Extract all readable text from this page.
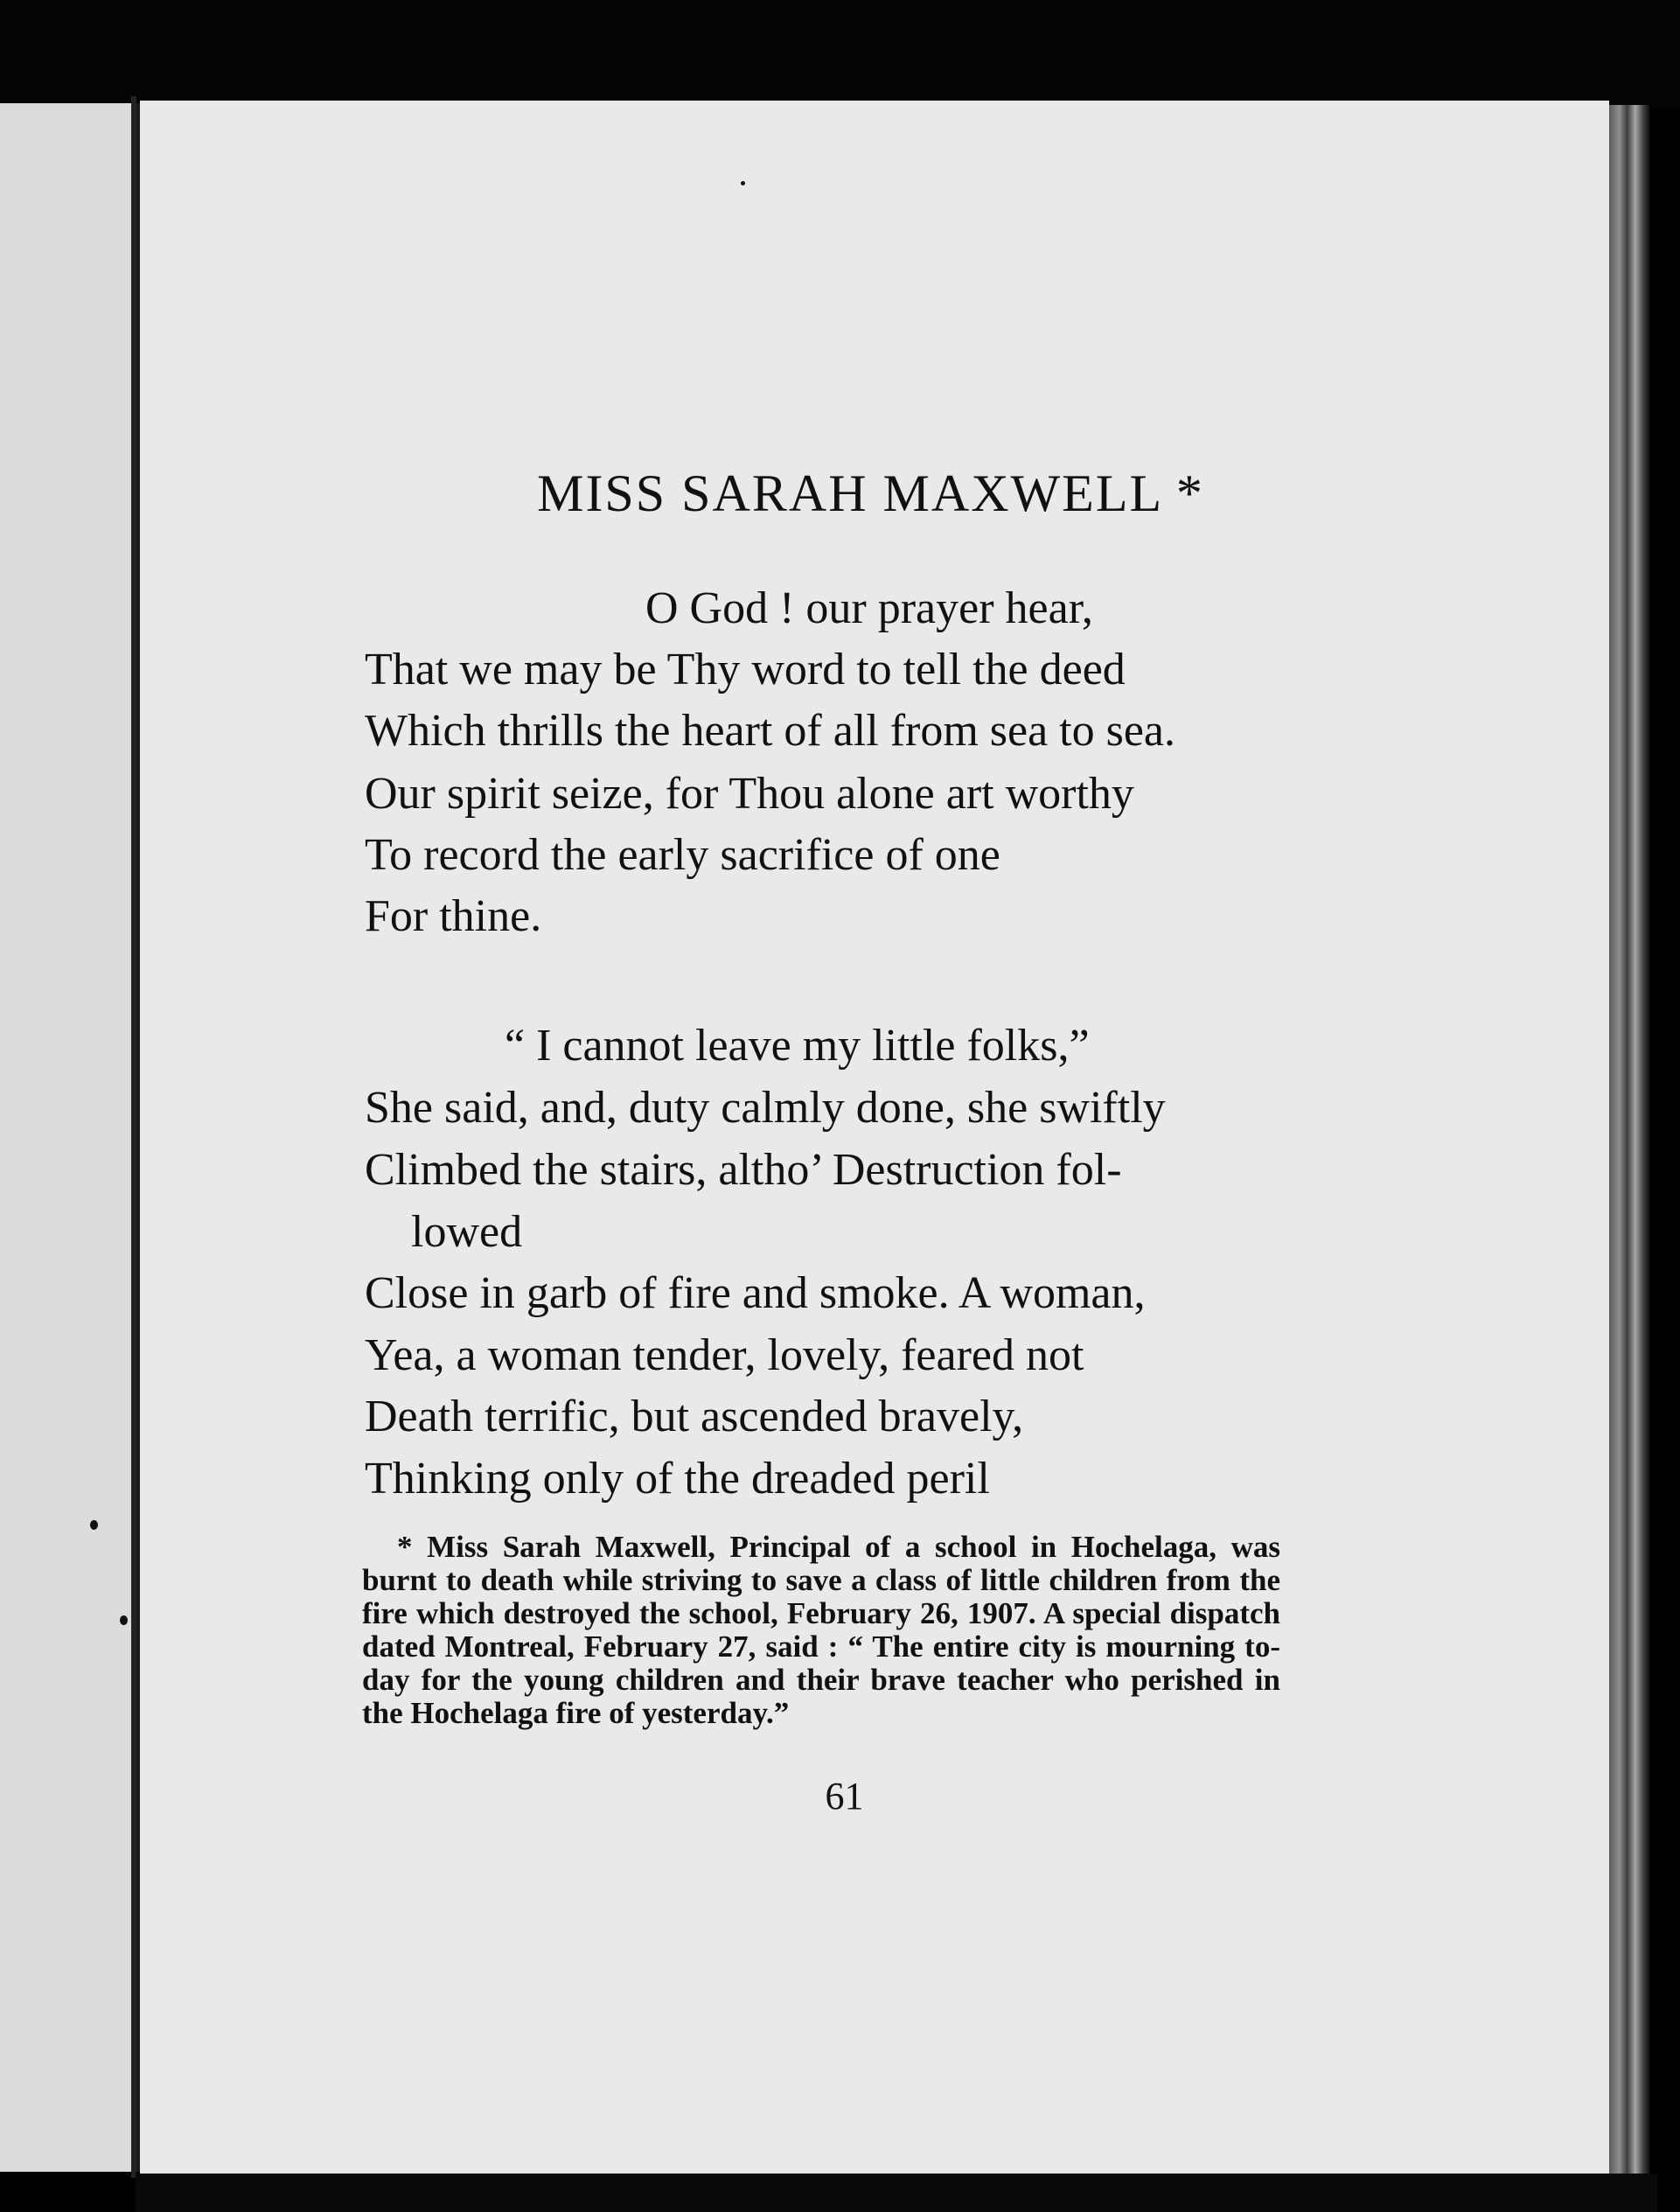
MISS SARAH MAXWELL *
O God ! our prayer hear,
That we may be Thy word to tell the deed
Which thrills the heart of all from sea to sea.
Our spirit seize, for Thou alone art worthy
To record the early sacrifice of one
For thine.
“ I cannot leave my little folks,”
She said, and, duty calmly done, she swiftly
Climbed the stairs, altho’ Destruction fol-
lowed
Close in garb of fire and smoke. A woman,
Yea, a woman tender, lovely, feared not
Death terrific, but ascended bravely,
Thinking only of the dreaded peril

* Miss Sarah Maxwell, Principal of a school in Hochelaga, was burnt to death while striving to save a class of little children from the fire which destroyed the school, February 26, 1907. A special dispatch dated Montreal, February 27, said : “ The entire city is mourning to-day for the young children and their brave teacher who perished in the Hochelaga fire of yesterday.”

61
